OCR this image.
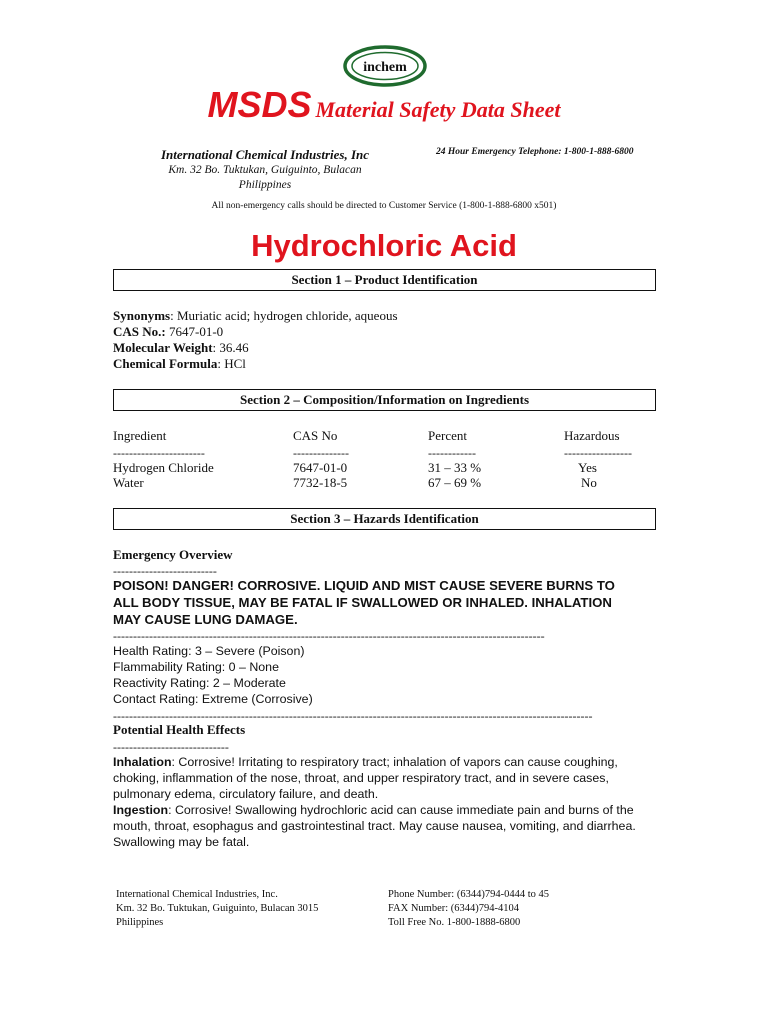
inchem
MSDS Material Safety Data Sheet
International Chemical Industries, Inc
Km. 32 Bo. Tuktukan, Guiguinto, Bulacan
Philippines
24 Hour Emergency Telephone: 1-800-1-888-6800
All non-emergency calls should be directed to Customer Service (1-800-1-888-6800 x501)
Hydrochloric Acid
Section 1 – Product Identification
Synonyms: Muriatic acid; hydrogen chloride, aqueous
CAS No.: 7647-01-0
Molecular Weight: 36.46
Chemical Formula: HCl
Section 2 – Composition/Information on Ingredients
Ingredient	CAS No	Percent	Hazardous
-----------------------	--------------	------------	-----------------
Hydrogen Chloride	7647-01-0	31 – 33 %	Yes
Water	7732-18-5	67 – 69 %	No
Section 3 – Hazards Identification
Emergency Overview
--------------------------
POISON! DANGER! CORROSIVE. LIQUID AND MIST CAUSE SEVERE BURNS TO
ALL BODY TISSUE, MAY BE FATAL IF SWALLOWED OR INHALED. INHALATION
MAY CAUSE LUNG DAMAGE.
------------------------------------------------------------------------------------------------------------
Health Rating: 3 – Severe (Poison)
Flammability Rating: 0 – None
Reactivity Rating: 2 – Moderate
Contact Rating: Extreme (Corrosive)
------------------------------------------------------------------------------------------------------------------------
Potential Health Effects
-----------------------------
Inhalation: Corrosive! Irritating to respiratory tract; inhalation of vapors can cause coughing, choking, inflammation of the nose, throat, and upper respiratory tract, and in severe cases, pulmonary edema, circulatory failure, and death.
Ingestion: Corrosive! Swallowing hydrochloric acid can cause immediate pain and burns of the mouth, throat, esophagus and gastrointestinal tract. May cause nausea, vomiting, and diarrhea. Swallowing may be fatal.
International Chemical Industries, Inc.
Km. 32 Bo. Tuktukan, Guiguinto, Bulacan 3015
Philippines
Phone Number: (6344)794-0444 to 45
FAX Number: (6344)794-4104
Toll Free No. 1-800-1888-6800
